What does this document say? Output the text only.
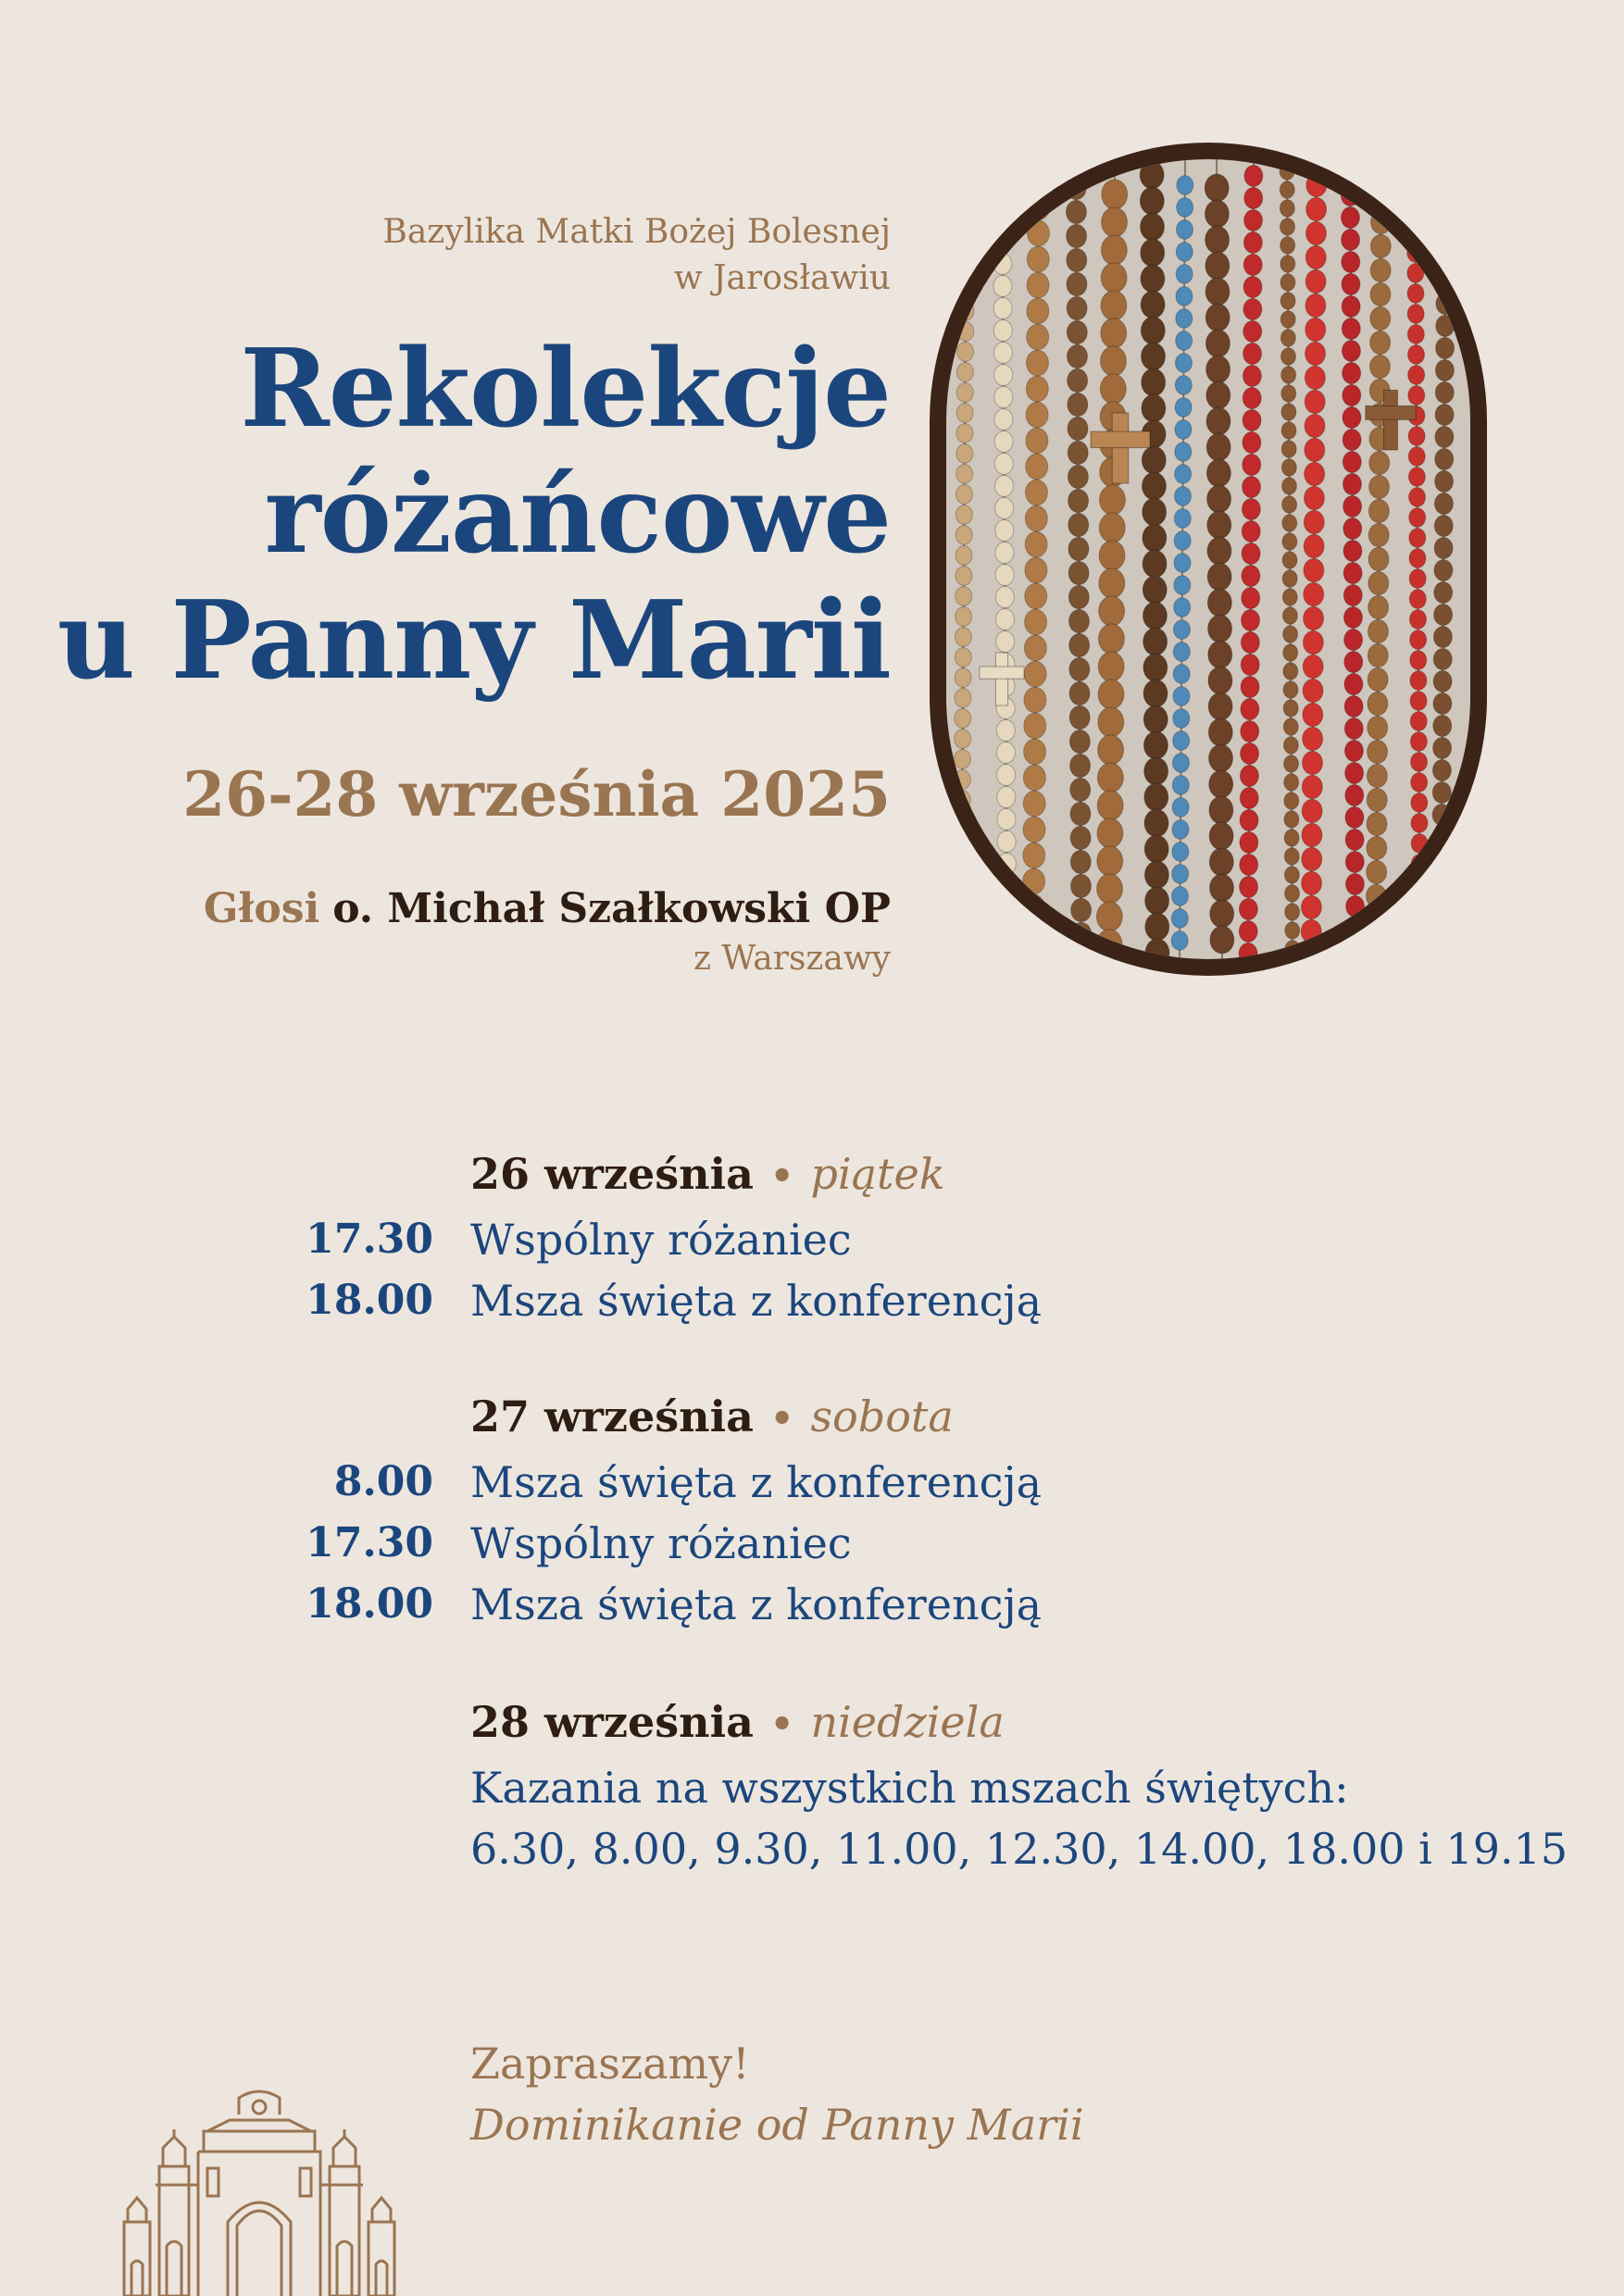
Bazylika Matki Bożej Bolesnej
w Jarosławiu
Rekolekcje
różańcowe
u Panny Marii
26-28 września 2025
Głosi o. Michał Szałkowski OP
z Warszawy
26 września • piątek
17.30 Wspólny różaniec
18.00 Msza święta z konferencją
27 września • sobota
8.00 Msza święta z konferencją
17.30 Wspólny różaniec
18.00 Msza święta z konferencją
28 września • niedziela
Kazania na wszystkich mszach świętych:
6.30, 8.00, 9.30, 11.00, 12.30, 14.00, 18.00 i 19.15
Zapraszamy!
Dominikanie od Panny Marii
